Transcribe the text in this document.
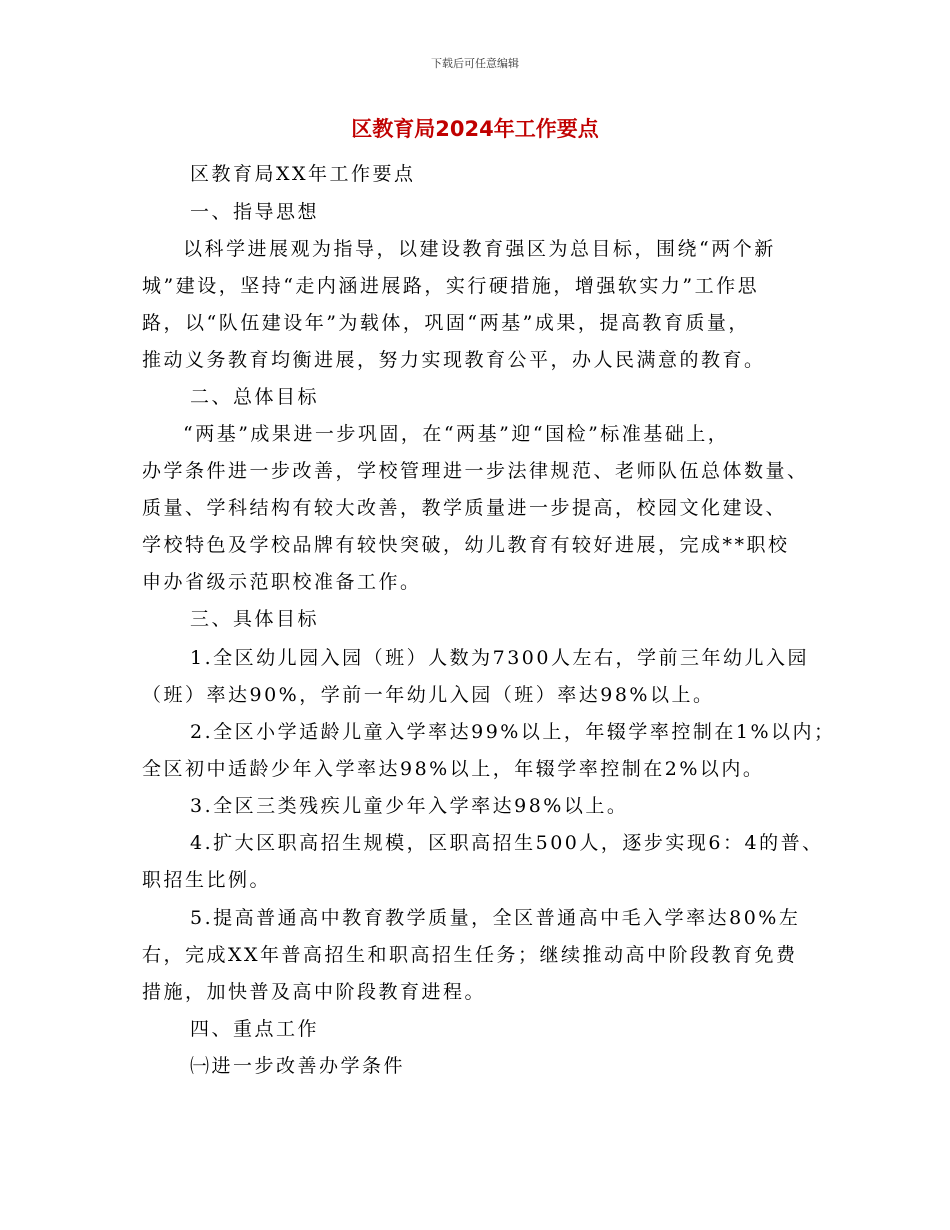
下载后可任意编辑
区教育局2024年工作要点
区教育局XX年工作要点
一、指导思想
以科学进展观为指导，以建设教育强区为总目标，围绕“两个新
城”建设，坚持“走内涵进展路，实行硬措施，增强软实力”工作思
路，以“队伍建设年”为载体，巩固“两基”成果，提高教育质量，
推动义务教育均衡进展，努力实现教育公平，办人民满意的教育。
二、总体目标
“两基”成果进一步巩固，在“两基”迎“国检”标准基础上，
办学条件进一步改善，学校管理进一步法律规范、老师队伍总体数量、
质量、学科结构有较大改善，教学质量进一步提高，校园文化建设、
学校特色及学校品牌有较快突破，幼儿教育有较好进展，完成**职校
申办省级示范职校准备工作。
三、具体目标
1.全区幼儿园入园（班）人数为7300人左右，学前三年幼儿入园
（班）率达90%，学前一年幼儿入园（班）率达98%以上。
2.全区小学适龄儿童入学率达99%以上，年辍学率控制在1%以内；
全区初中适龄少年入学率达98%以上，年辍学率控制在2%以内。
3.全区三类残疾儿童少年入学率达98%以上。
4.扩大区职高招生规模，区职高招生500人，逐步实现6：4的普、
职招生比例。
5.提高普通高中教育教学质量，全区普通高中毛入学率达80%左
右，完成XX年普高招生和职高招生任务；继续推动高中阶段教育免费
措施，加快普及高中阶段教育进程。
四、重点工作
㈠进一步改善办学条件
